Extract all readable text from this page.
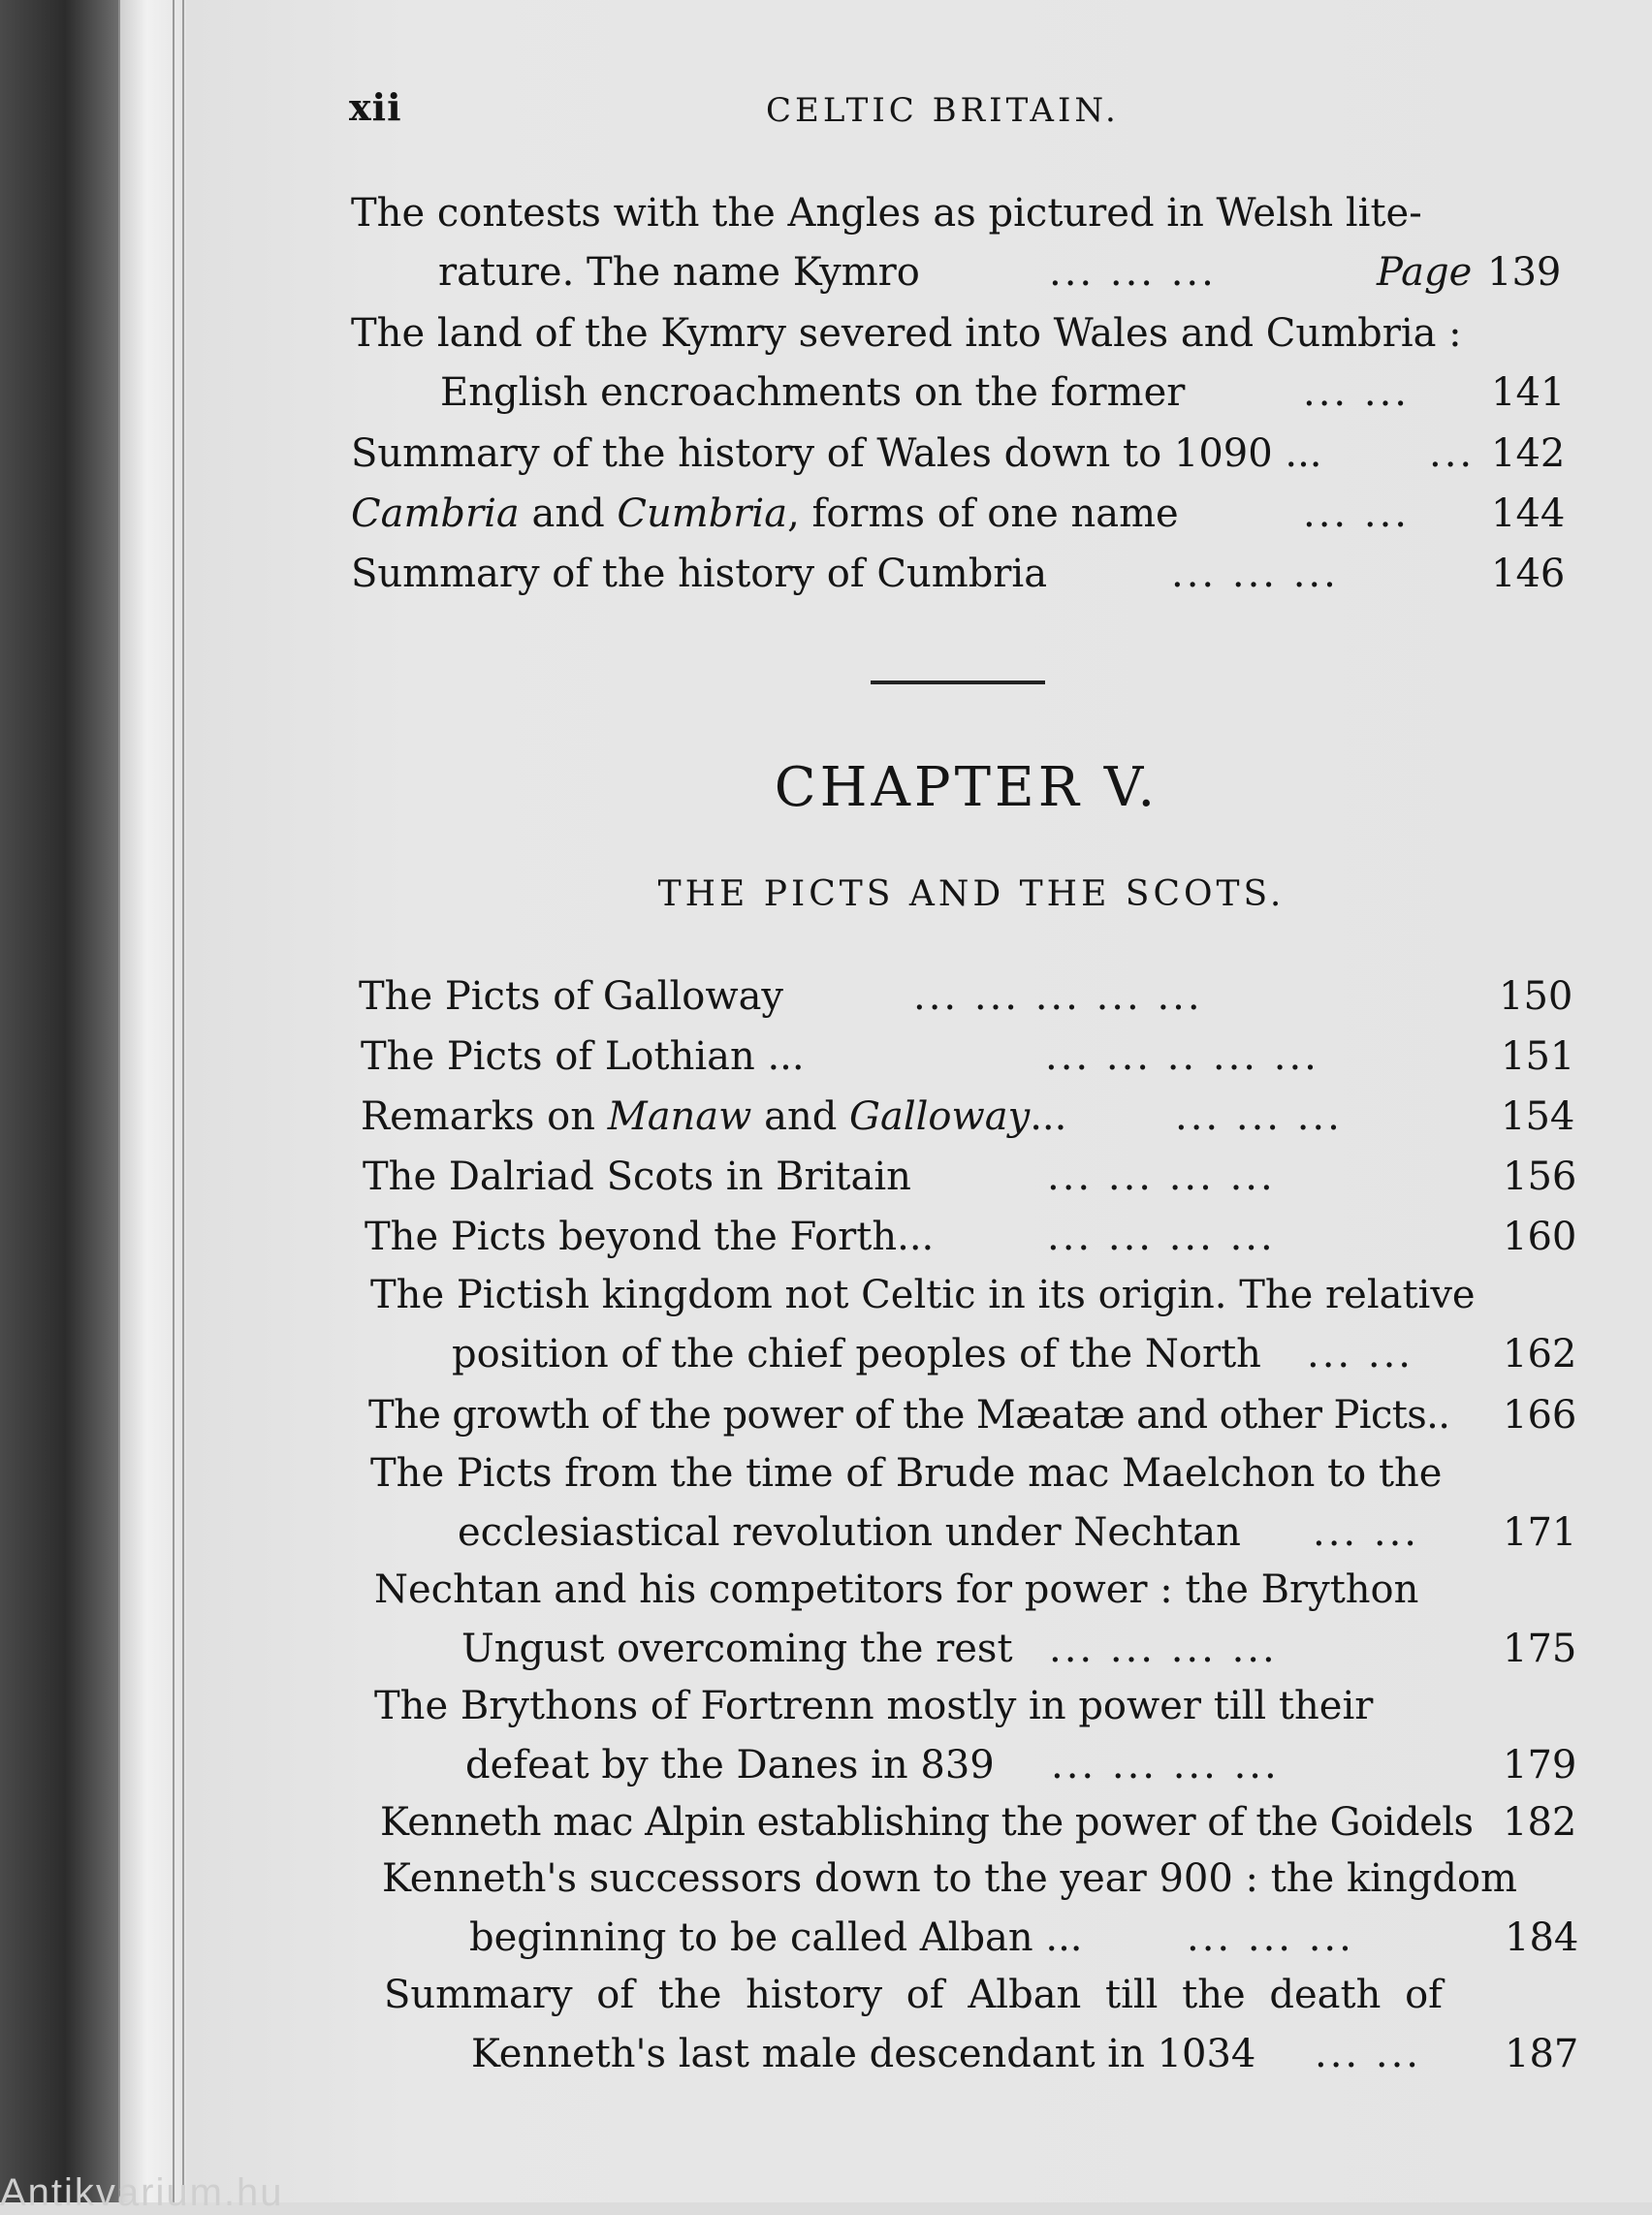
xii	CELTIC BRITAIN.
The contests with the Angles as pictured in Welsh lite-
rature. The name Kymro	... ... ...	Page 139
The land of the Kymry severed into Wales and Cumbria :
English encroachments on the former	... ... 141
Summary of the history of Wales down to 1090 ...	... 142
Cambria and Cumbria, forms of one name	... ... 144
Summary of the history of Cumbria	... ... ...	146
CHAPTER V.
THE PICTS AND THE SCOTS.
The Picts of Galloway	... ... ... ... ...	150
The Picts of Lothian ...	... ... .. ... ...	151
Remarks on Manaw and Galloway...	... ... ...	154
The Dalriad Scots in Britain	... ... ... ...	156
The Picts beyond the Forth...	... ... ... ...	160
The Pictish kingdom not Celtic in its origin. The relative
position of the chief peoples of the North	... ... 162
The growth of the power of the Mæatæ and other Picts.. 166
The Picts from the time of Brude mac Maelchon to the
ecclesiastical revolution under Nechtan	... ... 171
Nechtan and his competitors for power : the Brython
Ungust overcoming the rest ... ... ... ...	175
The Brythons of Fortrenn mostly in power till their
defeat by the Danes in 839	... ... ... ...	179
Kenneth mac Alpin establishing the power of the Goidels 182
Kenneth's successors down to the year 900 : the kingdom
beginning to be called Alban ...	... ... ...	184
Summary of the history of Alban till the death of
Kenneth's last male descendant in 1034	... ... 187
Antikvarium.hu
